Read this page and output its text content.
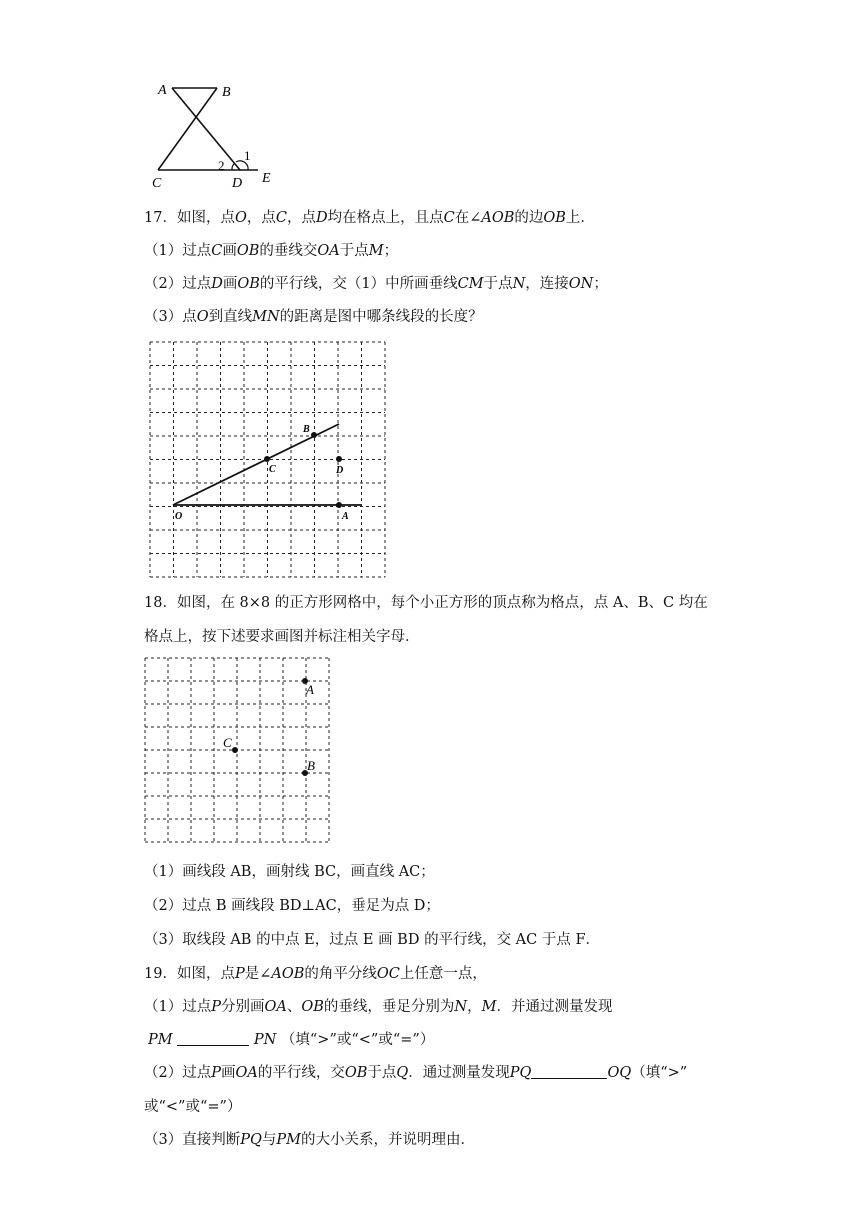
A	B
C	D E
1
2
17．如图，点O，点C，点D均在格点上，且点C在∠AOB的边OB上．
（1）过点C画OB的垂线交OA于点M；
（2）过点D画OB的平行线，交（1）中所画垂线CM于点N，连接ON；
（3）点O到直线MN的距离是图中哪条线段的长度？
O	A
B
C	D
18．如图，在 8×8 的正方形网格中，每个小正方形的顶点称为格点，点 A、B、C 均在
格点上，按下述要求画图并标注相关字母．
A
C
B
（1）画线段 AB，画射线 BC，画直线 AC；
（2）过点 B 画线段 BD⊥AC，垂足为点 D；
（3）取线段 AB 的中点 E，过点 E 画 BD 的平行线，交 AC 于点 F．
19．如图，点P是∠AOB的角平分线OC上任意一点，
（1）过点P分别画OA、OB的垂线，垂足分别为N，M．并通过测量发现
PM	PN （填“>”或“<”或“=”）
（2）过点P画OA的平行线，交OB于点Q．通过测量发现PQ	OQ（填“>”
或“<”或“=”）
（3）直接判断PQ与PM的大小关系，并说明理由．
